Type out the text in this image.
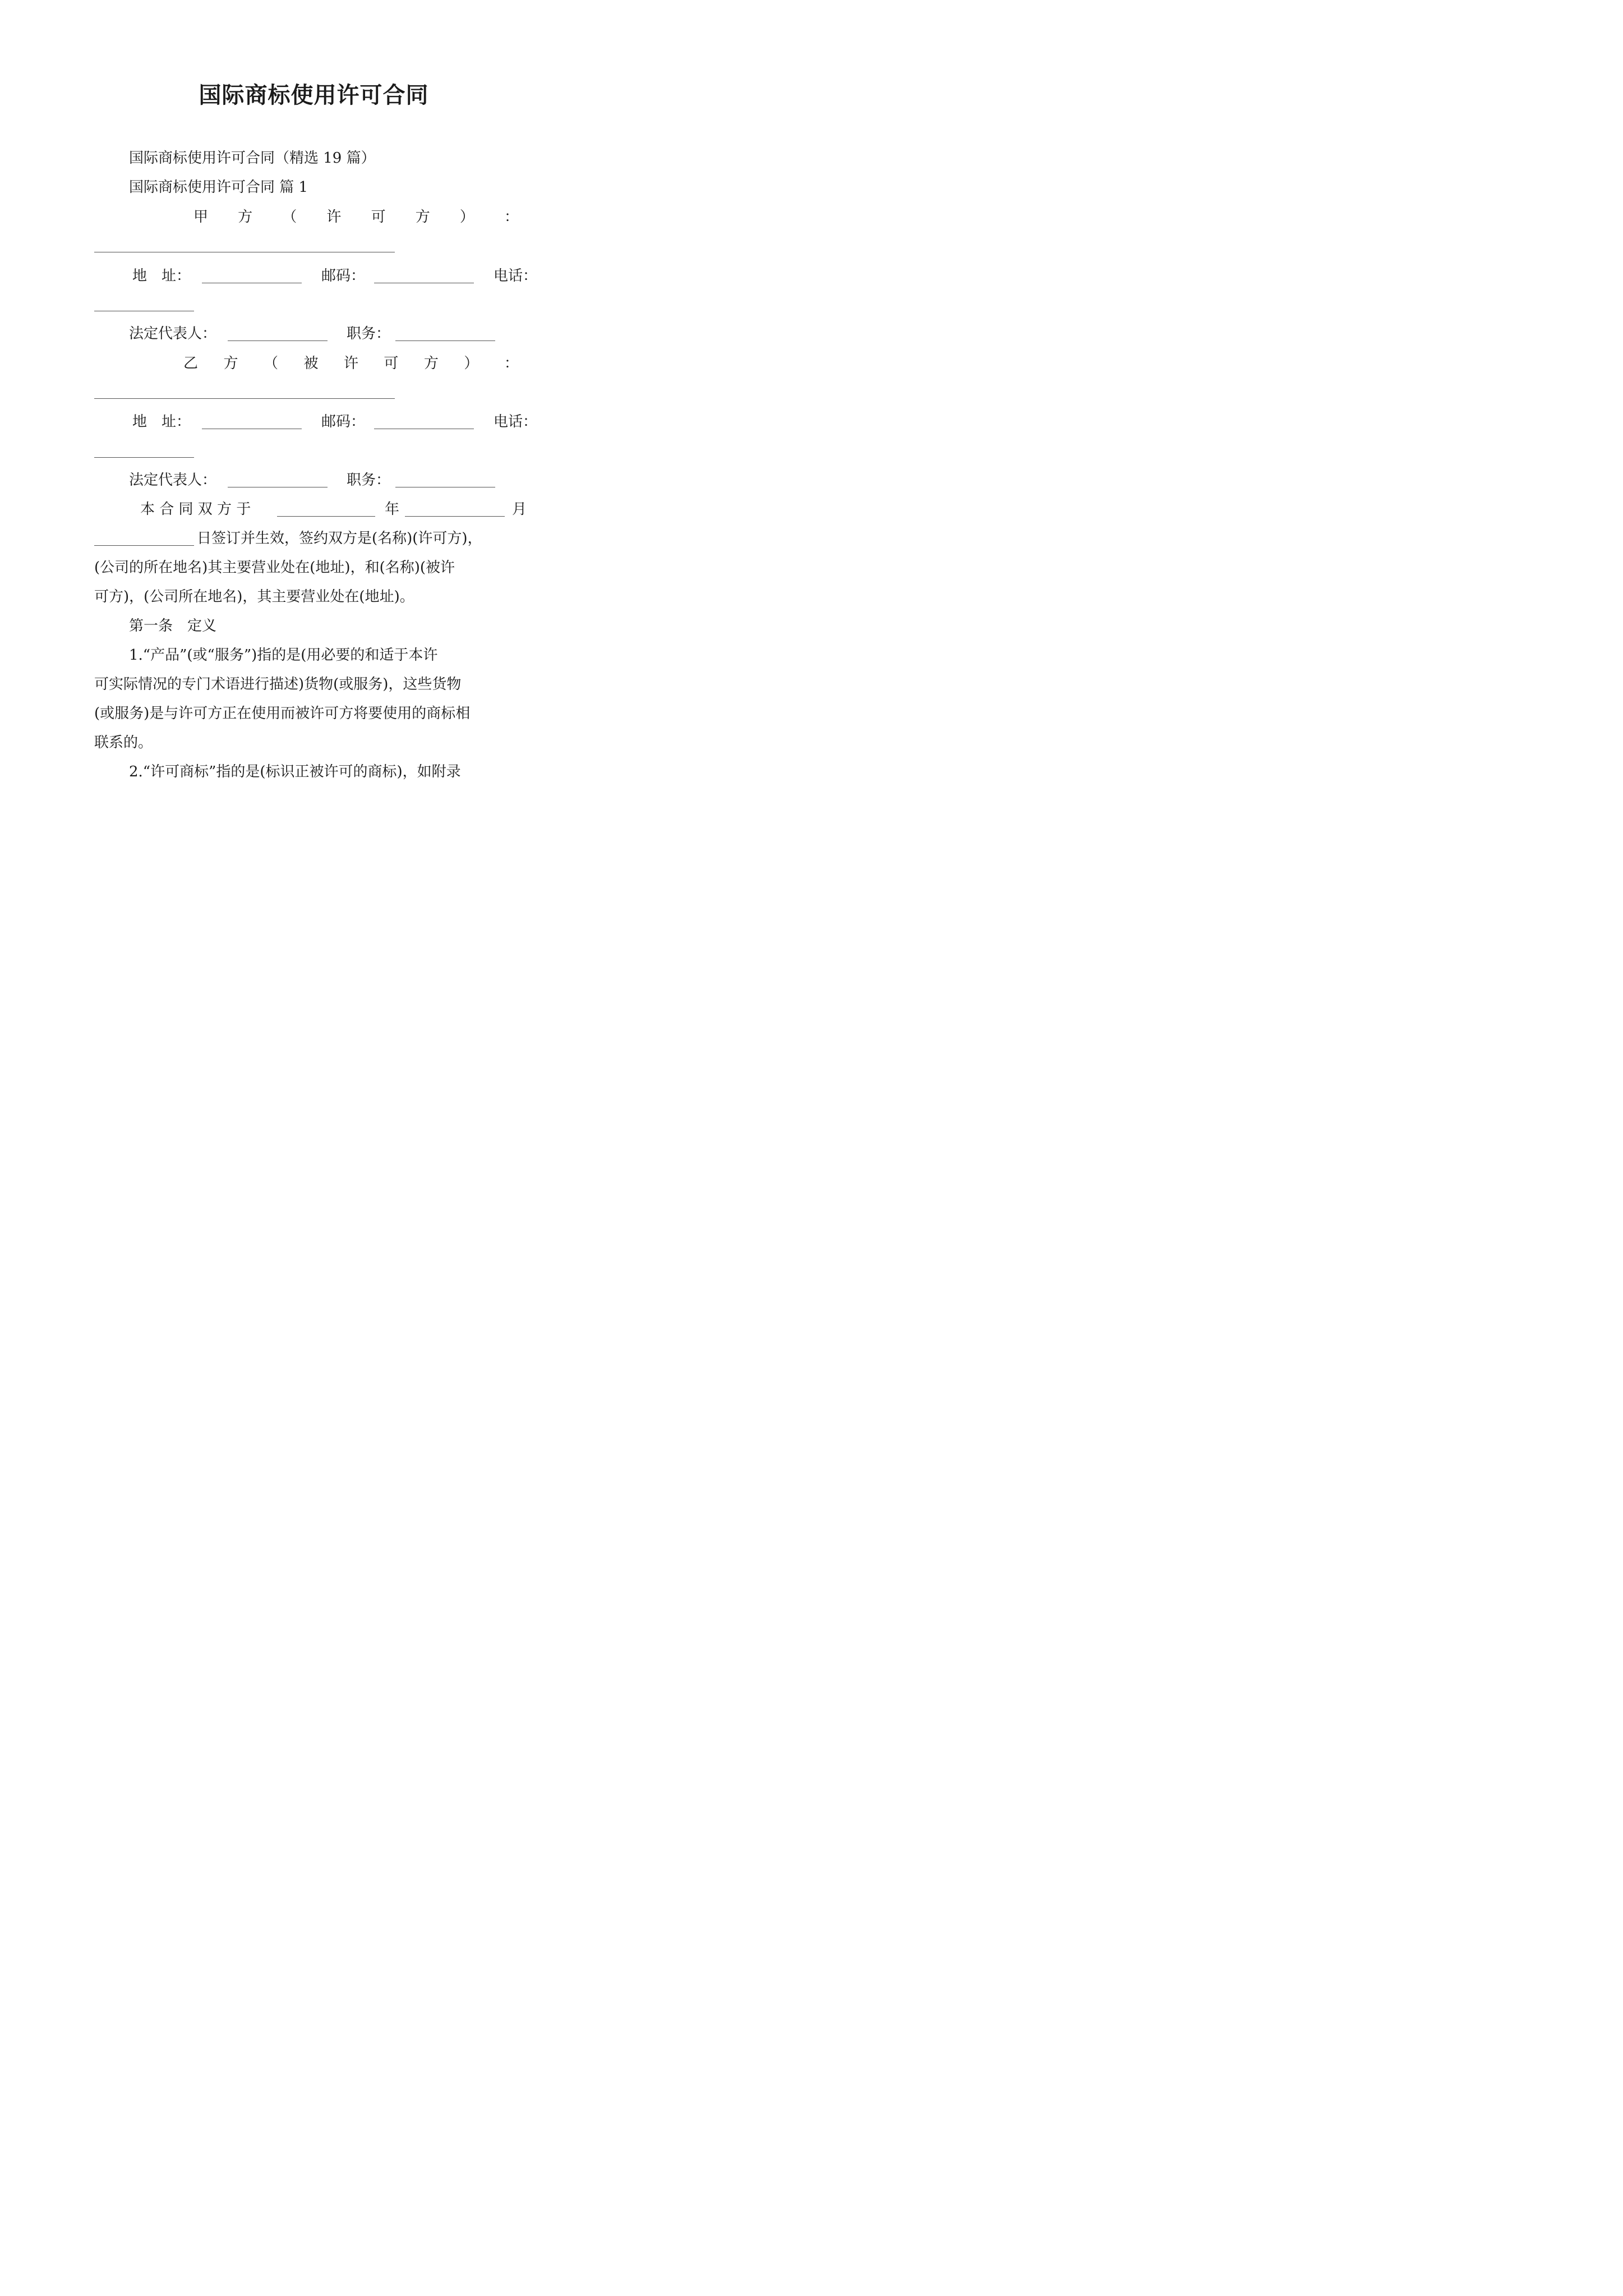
国际商标使用许可合同
国际商标使用许可合同（精选 19 篇）
国际商标使用许可合同 篇 1
甲 方 （ 许 可 方 ） ：
地　址：	邮码：	电话：
法定代表人：	职务：
乙 方 （ 被 许 可 方 ） ：
地　址：	邮码：	电话：
法定代表人：	职务：
本 合 同 双 方 于	年	月
日签订并生效，签约双方是(名称)(许可方)，
(公司的所在地名)其主要营业处在(地址)，和(名称)(被许
可方)，(公司所在地名)，其主要营业处在(地址)。
第一条　定义
1.“产品”(或“服务”)指的是(用必要的和适于本许
可实际情况的专门术语进行描述)货物(或服务)，这些货物
(或服务)是与许可方正在使用而被许可方将要使用的商标相
联系的。
2.“许可商标”指的是(标识正被许可的商标)，如附录
